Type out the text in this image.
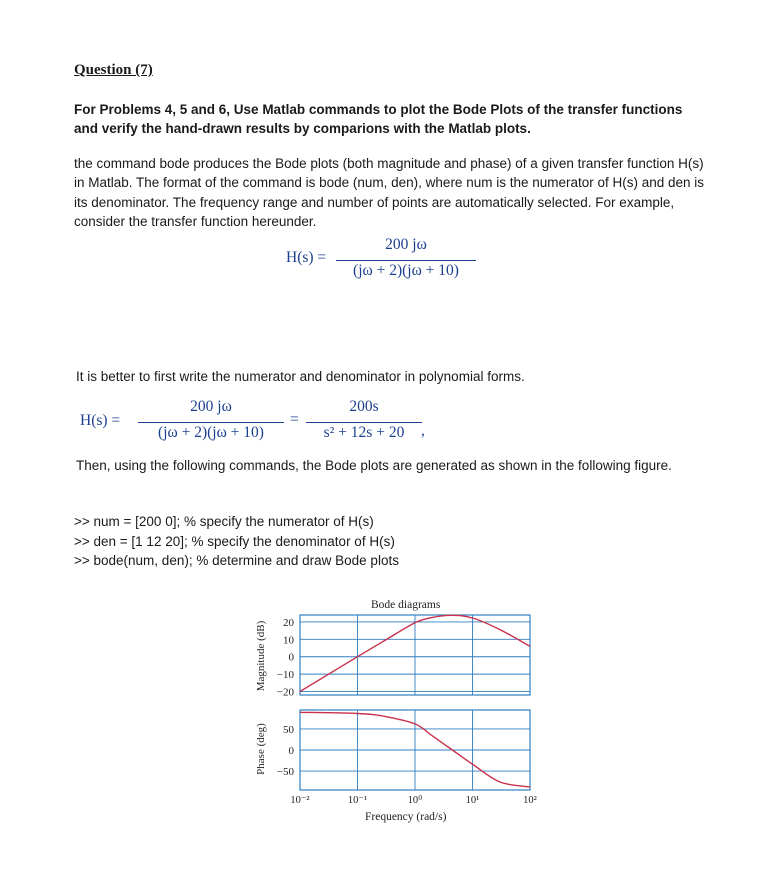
Question (7)
For Problems 4, 5 and 6, Use Matlab commands to plot the Bode Plots of the transfer functions and verify the hand-drawn results by comparions with the Matlab plots.
the command bode produces the Bode plots (both magnitude and phase) of a given transfer function H(s) in Matlab. The format of the command is bode (num, den), where num is the numerator of H(s) and den is its denominator. The frequency range and number of points are automatically selected. For example, consider the transfer function hereunder.
H(s) =
200 jω
(jω + 2)(jω + 10)
It is better to first write the numerator and denominator in polynomial forms.
H(s) =
200 jω
(jω + 2)(jω + 10)
=
200s
s² + 12s + 20	,
Then, using the following commands, the Bode plots are generated as shown in the following figure.
>> num = [200 0]; % specify the numerator of H(s)
>> den = [1 12 20]; % specify the denominator of H(s)
>> bode(num, den); % determine and draw Bode plots
Bode diagrams
Magnitude (dB)
Phase (deg)
Frequency (rad/s)
20
10
0
−10
−20
50
0
−50
10⁻²	10⁻¹	10⁰	10¹	10²
